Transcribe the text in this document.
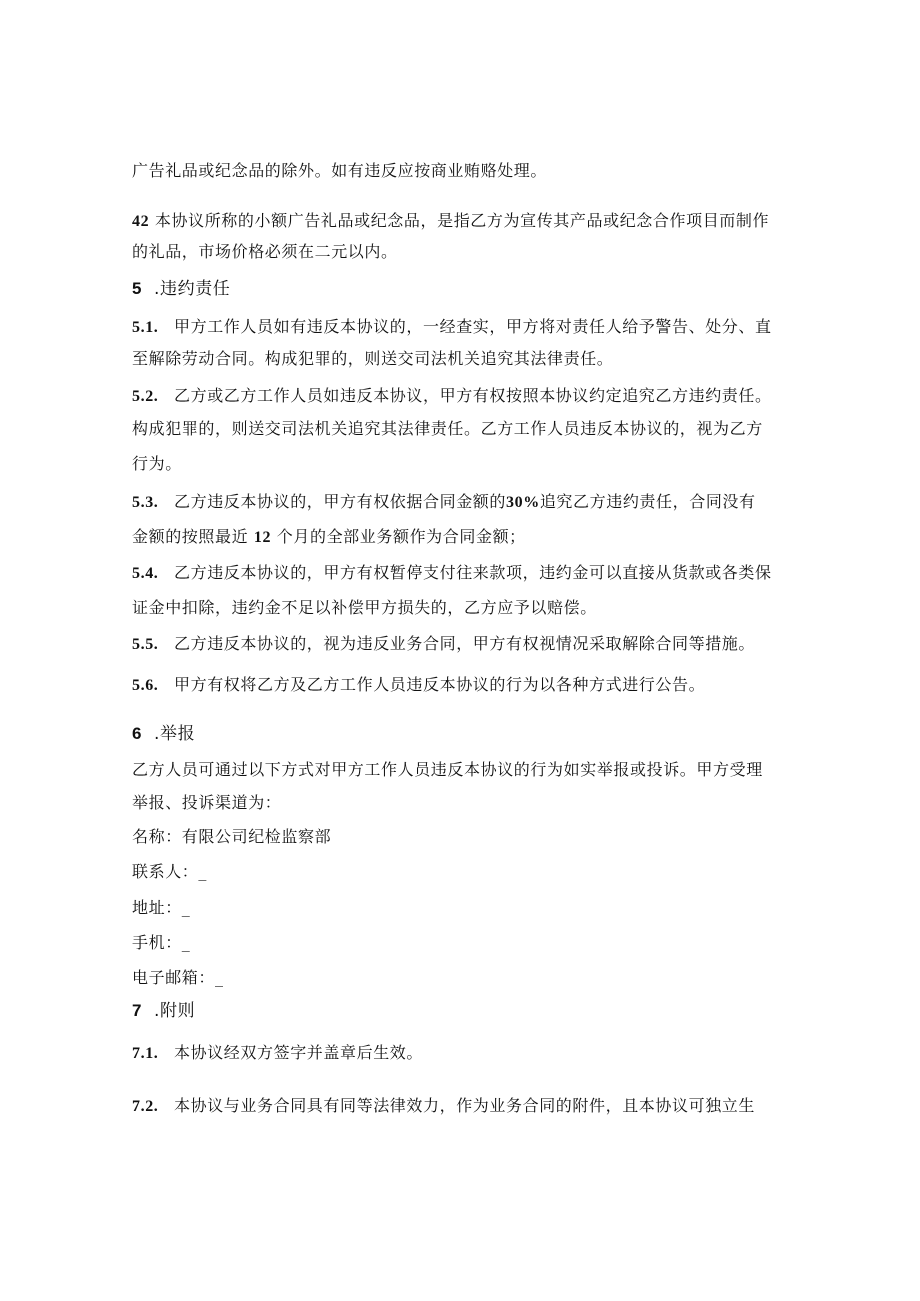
广告礼品或纪念品的除外。如有违反应按商业贿赂处理。
42 本协议所称的小额广告礼品或纪念品，是指乙方为宣传其产品或纪念合作项目而制作
的礼品，市场价格必须在二元以内。
5 .违约责任
5.1. 甲方工作人员如有违反本协议的，一经查实，甲方将对责任人给予警告、处分、直
至解除劳动合同。构成犯罪的，则送交司法机关追究其法律责任。
5.2. 乙方或乙方工作人员如违反本协议，甲方有权按照本协议约定追究乙方违约责任。
构成犯罪的，则送交司法机关追究其法律责任。乙方工作人员违反本协议的，视为乙方
行为。
5.3. 乙方违反本协议的，甲方有权依据合同金额的30%追究乙方违约责任，合同没有
金额的按照最近 12 个月的全部业务额作为合同金额；
5.4. 乙方违反本协议的，甲方有权暂停支付往来款项，违约金可以直接从货款或各类保
证金中扣除，违约金不足以补偿甲方损失的，乙方应予以赔偿。
5.5. 乙方违反本协议的，视为违反业务合同，甲方有权视情况采取解除合同等措施。
5.6. 甲方有权将乙方及乙方工作人员违反本协议的行为以各种方式进行公告。
6 .举报
乙方人员可通过以下方式对甲方工作人员违反本协议的行为如实举报或投诉。甲方受理
举报、投诉渠道为：
名称：有限公司纪检监察部
联系人：_
地址：_
手机：_
电子邮箱：_
7 .附则
7.1. 本协议经双方签字并盖章后生效。
7.2. 本协议与业务合同具有同等法律效力，作为业务合同的附件，且本协议可独立生
